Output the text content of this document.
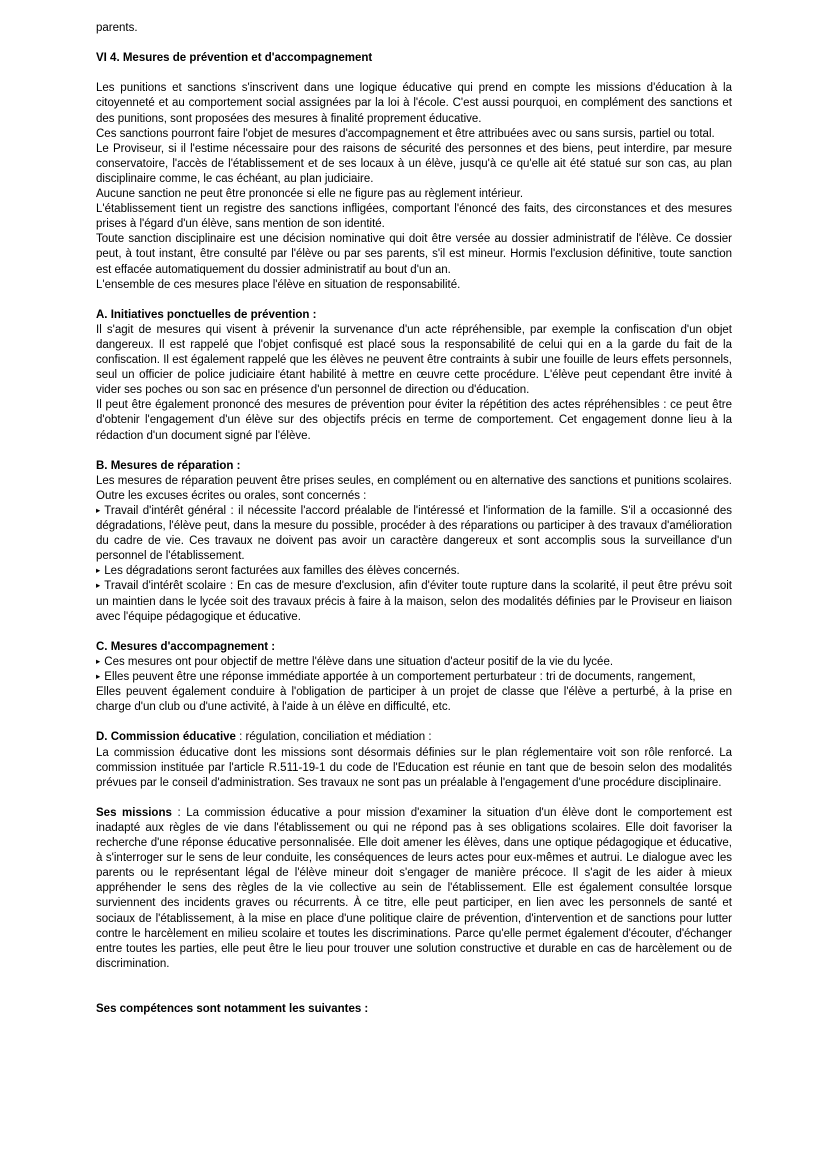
parents.

VI 4. Mesures de prévention et d'accompagnement

Les punitions et sanctions s'inscrivent dans une logique éducative qui prend en compte les missions d'éducation à la citoyenneté et au comportement social assignées par la loi à l'école. C'est aussi pourquoi, en complément des sanctions et des punitions, sont proposées des mesures à finalité proprement éducative.

Ces sanctions pourront faire l'objet de mesures d'accompagnement et être attribuées avec ou sans sursis, partiel ou total.

Le Proviseur, si il l'estime nécessaire pour des raisons de sécurité des personnes et des biens, peut interdire, par mesure conservatoire, l'accès de l'établissement et de ses locaux à un élève, jusqu'à ce qu'elle ait été statué sur son cas, au plan disciplinaire comme, le cas échéant, au plan judiciaire.

Aucune sanction ne peut être prononcée si elle ne figure pas au règlement intérieur.

L'établissement tient un registre des sanctions infligées, comportant l'énoncé des faits, des circonstances et des mesures prises à l'égard d'un élève, sans mention de son identité.

Toute sanction disciplinaire est une décision nominative qui doit être versée au dossier administratif de l'élève. Ce dossier peut, à tout instant, être consulté par l'élève ou par ses parents, s'il est mineur. Hormis l'exclusion définitive, toute sanction est effacée automatiquement du dossier administratif au bout d'un an.

L'ensemble de ces mesures place l'élève en situation de responsabilité.

A. Initiatives ponctuelles de prévention :

Il s'agit de mesures qui visent à prévenir la survenance d'un acte répréhensible, par exemple la confiscation d'un objet dangereux. Il est rappelé que l'objet confisqué est placé sous la responsabilité de celui qui en a la garde du fait de la confiscation. Il est également rappelé que les élèves ne peuvent être contraints à subir une fouille de leurs effets personnels, seul un officier de police judiciaire étant habilité à mettre en œuvre cette procédure. L'élève peut cependant être invité à vider ses poches ou son sac en présence d'un personnel de direction ou d'éducation.

Il peut être également prononcé des mesures de prévention pour éviter la répétition des actes répréhensibles : ce peut être d'obtenir l'engagement d'un élève sur des objectifs précis en terme de comportement. Cet engagement donne lieu à la rédaction d'un document signé par l'élève.

B. Mesures de réparation :

Les mesures de réparation peuvent être prises seules, en complément ou en alternative des sanctions et punitions scolaires. Outre les excuses écrites ou orales, sont concernés :

▸ Travail d'intérêt général : il nécessite l'accord préalable de l'intéressé et l'information de la famille. S'il a occasionné des dégradations, l'élève peut, dans la mesure du possible, procéder à des réparations ou participer à des travaux d'amélioration du cadre de vie. Ces travaux ne doivent pas avoir un caractère dangereux et sont accomplis sous la surveillance d'un personnel de l'établissement.

▸ Les dégradations seront facturées aux familles des élèves concernés.

▸ Travail d'intérêt scolaire : En cas de mesure d'exclusion, afin d'éviter toute rupture dans la scolarité, il peut être prévu soit un maintien dans le lycée soit des travaux précis à faire à la maison, selon des modalités définies par le Proviseur en liaison avec l'équipe pédagogique et éducative.

C. Mesures d'accompagnement :

▸ Ces mesures ont pour objectif de mettre l'élève dans une situation d'acteur positif de la vie du lycée.

▸ Elles peuvent être une réponse immédiate apportée à un comportement perturbateur : tri de documents, rangement,

Elles peuvent également conduire à l'obligation de participer à un projet de classe que l'élève a perturbé, à la prise en charge d'un club ou d'une activité, à l'aide à un élève en difficulté, etc.

D. Commission éducative : régulation, conciliation et médiation :

La commission éducative dont les missions sont désormais définies sur le plan réglementaire voit son rôle renforcé. La commission instituée par l'article R.511-19-1 du code de l'Education est réunie en tant que de besoin selon des modalités prévues par le conseil d'administration. Ses travaux ne sont pas un préalable à l'engagement d'une procédure disciplinaire.

Ses missions : La commission éducative a pour mission d'examiner la situation d'un élève dont le comportement est inadapté aux règles de vie dans l'établissement ou qui ne répond pas à ses obligations scolaires. Elle doit favoriser la recherche d'une réponse éducative personnalisée. Elle doit amener les élèves, dans une optique pédagogique et éducative, à s'interroger sur le sens de leur conduite, les conséquences de leurs actes pour eux-mêmes et autrui. Le dialogue avec les parents ou le représentant légal de l'élève mineur doit s'engager de manière précoce. Il s'agit de les aider à mieux appréhender le sens des règles de la vie collective au sein de l'établissement. Elle est également consultée lorsque surviennent des incidents graves ou récurrents. À ce titre, elle peut participer, en lien avec les personnels de santé et sociaux de l'établissement, à la mise en place d'une politique claire de prévention, d'intervention et de sanctions pour lutter contre le harcèlement en milieu scolaire et toutes les discriminations. Parce qu'elle permet également d'écouter, d'échanger entre toutes les parties, elle peut être le lieu pour trouver une solution constructive et durable en cas de harcèlement ou de discrimination.

Ses compétences sont notamment les suivantes :
